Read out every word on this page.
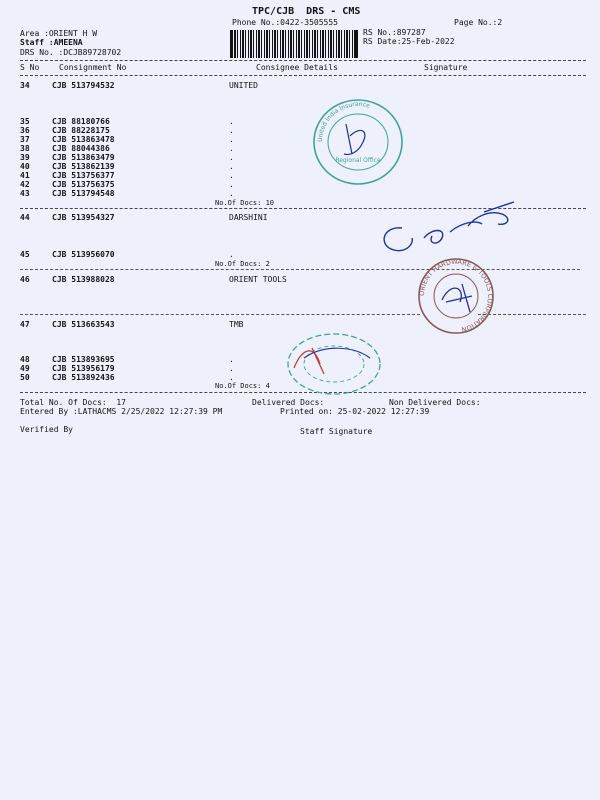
TPC/CJB  DRS - CMS
Phone No.:0422-3505555	Page No.:2
Area :ORIENT H W
Staff :AMEENA
DRS No. :DCJB89728702
RS No.:897287
RS Date:25-Feb-2022
S No Consignment No	Consignee Details	Signature
34	CJB 513794532	UNITED
35	CJB 88180766	.
36	CJB 88228175	.
37	CJB 513863478	.
38	CJB 88044386	.
39	CJB 513863479	.
40	CJB 513862139	.
41	CJB 513756377	.
42	CJB 513756375	.
43	CJB 513794548	.
No.Of Docs: 10
44	CJB 513954327	DARSHINI
45	CJB 513956070	.
No.Of Docs: 2
46	CJB 513988028	ORIENT TOOLS
47	CJB 513663543	TMB
48	CJB 513893695	.
49	CJB 513956179	.
50	CJB 513892436	.
No.Of Docs: 4
Total No. Of Docs:  17	Delivered Docs:	Non Delivered Docs:
Entered By :LATHACMS 2/25/2022 12:27:39 PM	Printed on: 25-02-2022 12:27:39
Verified By	Staff Signature
United India Insurance
Regional Office
ORIENT HARDWARE & TOOLS CORPORATION
